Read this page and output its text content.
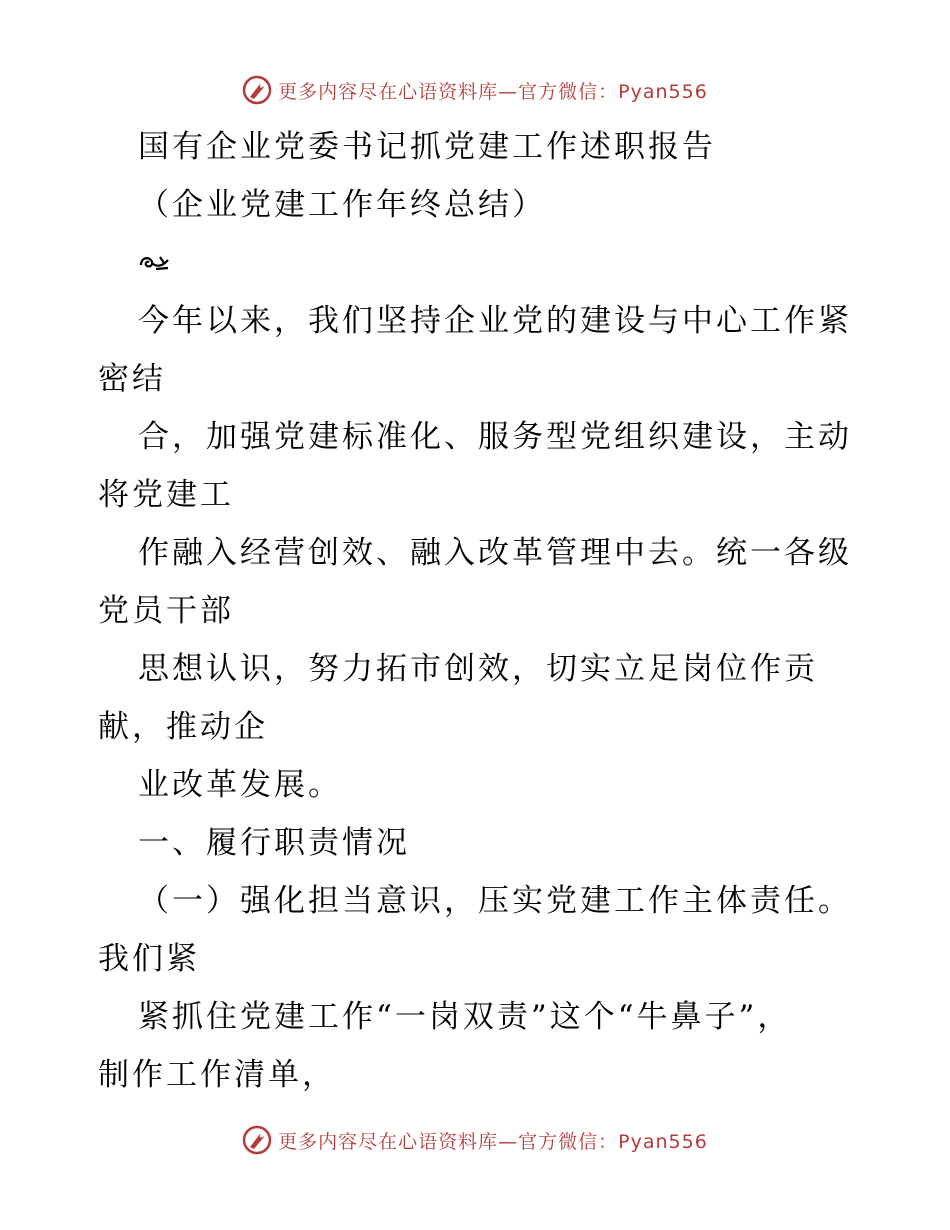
更多内容尽在心语资料库—官方微信：Pyan556
国有企业党委书记抓党建工作述职报告
（企业党建工作年终总结）
今年以来，我们坚持企业党的建设与中心工作紧
密结
合，加强党建标准化、服务型党组织建设，主动
将党建工
作融入经营创效、融入改革管理中去。统一各级
党员干部
思想认识，努力拓市创效，切实立足岗位作贡
献，推动企
业改革发展。
一、履行职责情况
（一）强化担当意识，压实党建工作主体责任。
我们紧
紧抓住党建工作“一岗双责”这个“牛鼻子”，
制作工作清单，
更多内容尽在心语资料库—官方微信：Pyan556
